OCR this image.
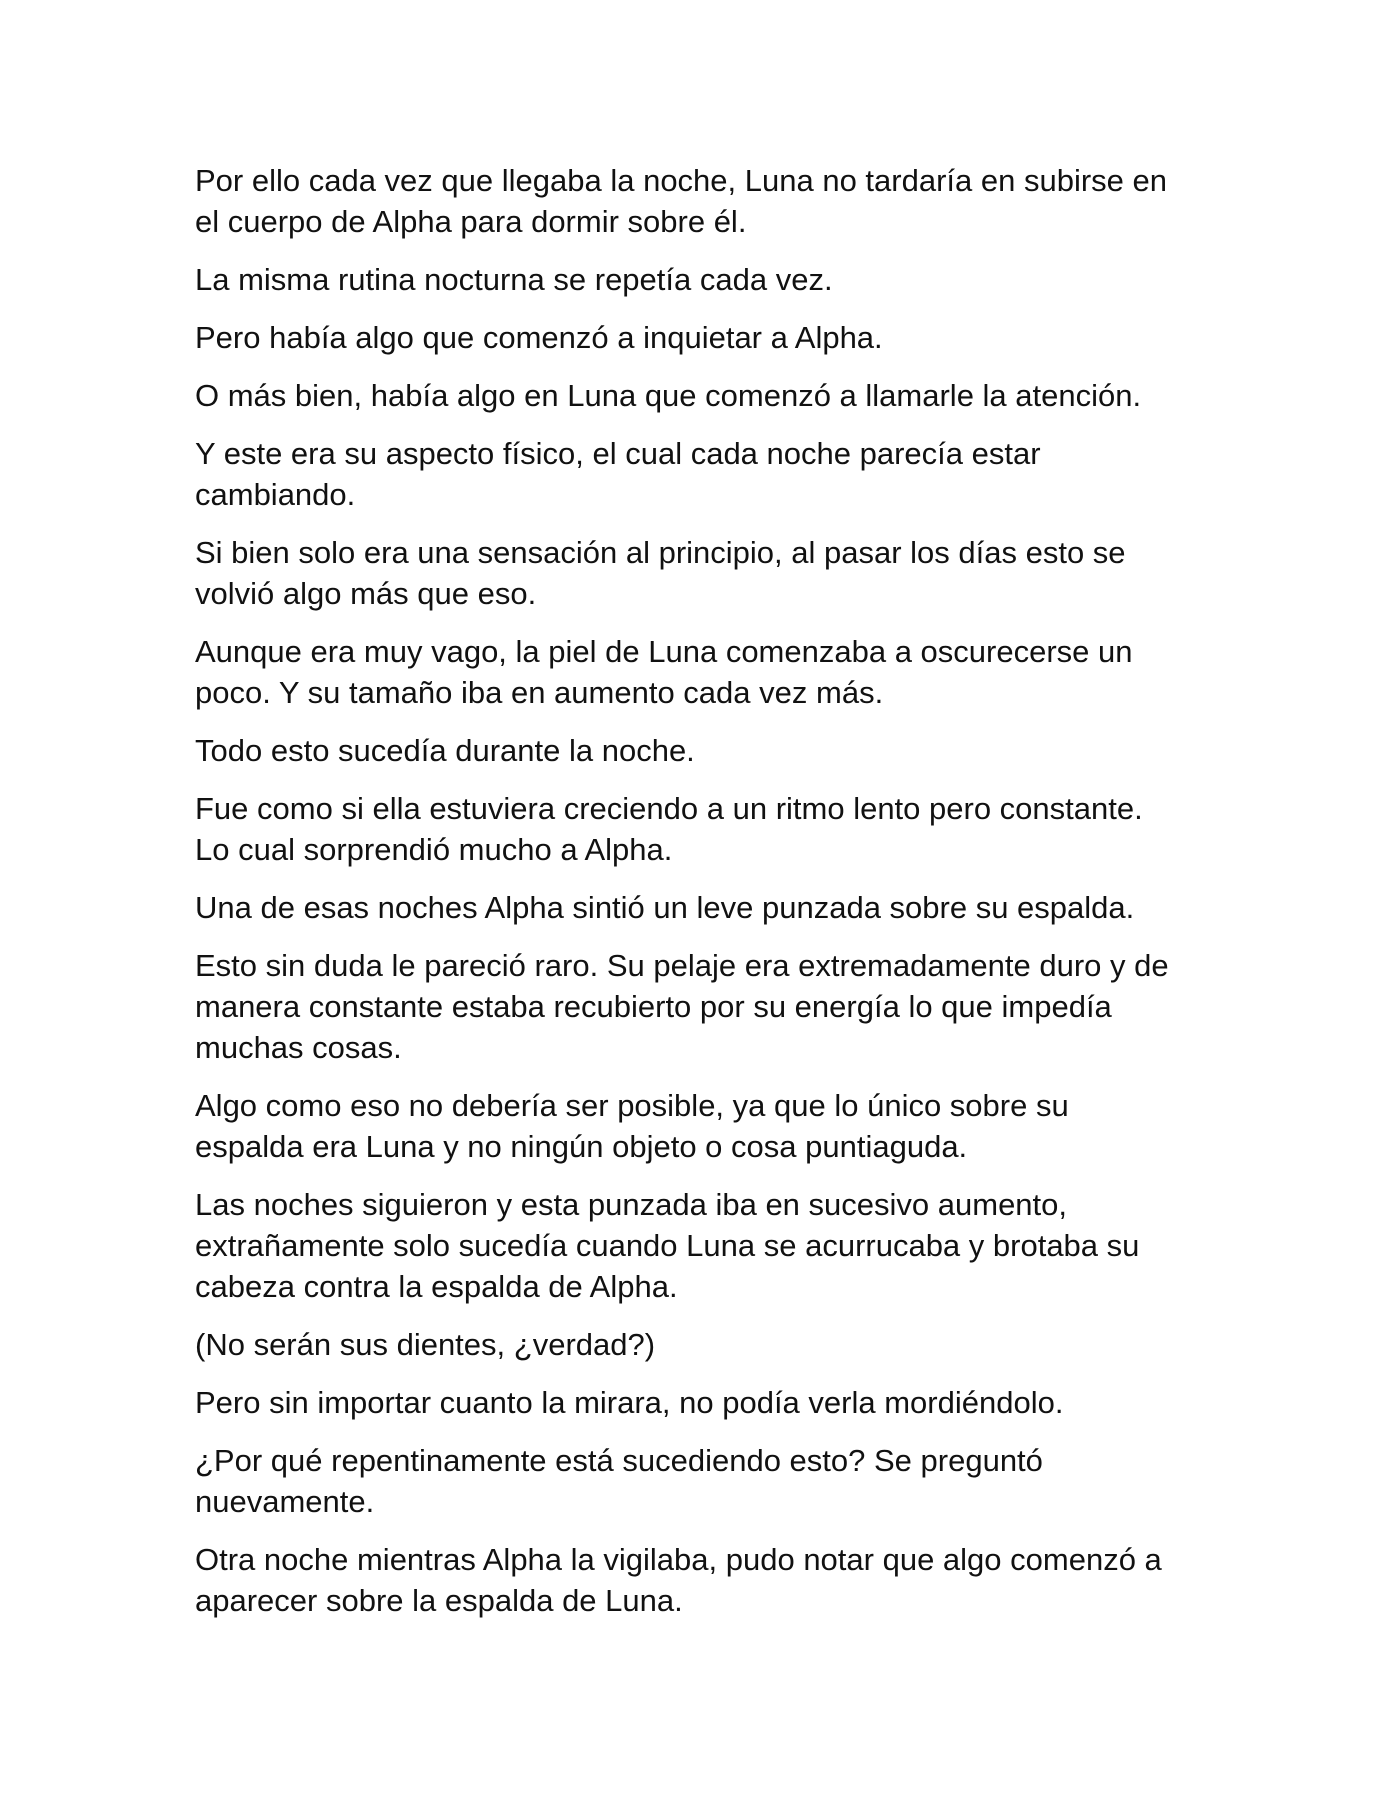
Por ello cada vez que llegaba la noche, Luna no tardaría en subirse en
el cuerpo de Alpha para dormir sobre él.

La misma rutina nocturna se repetía cada vez.

Pero había algo que comenzó a inquietar a Alpha.

O más bien, había algo en Luna que comenzó a llamarle la atención.

Y este era su aspecto físico, el cual cada noche parecía estar
cambiando.

Si bien solo era una sensación al principio, al pasar los días esto se
volvió algo más que eso.

Aunque era muy vago, la piel de Luna comenzaba a oscurecerse un
poco. Y su tamaño iba en aumento cada vez más.

Todo esto sucedía durante la noche.

Fue como si ella estuviera creciendo a un ritmo lento pero constante.
Lo cual sorprendió mucho a Alpha.

Una de esas noches Alpha sintió un leve punzada sobre su espalda.

Esto sin duda le pareció raro. Su pelaje era extremadamente duro y de
manera constante estaba recubierto por su energía lo que impedía
muchas cosas.

Algo como eso no debería ser posible, ya que lo único sobre su
espalda era Luna y no ningún objeto o cosa puntiaguda.

Las noches siguieron y esta punzada iba en sucesivo aumento,
extrañamente solo sucedía cuando Luna se acurrucaba y brotaba su
cabeza contra la espalda de Alpha.

(No serán sus dientes, ¿verdad?)

Pero sin importar cuanto la mirara, no podía verla mordiéndolo.

¿Por qué repentinamente está sucediendo esto? Se preguntó
nuevamente.

Otra noche mientras Alpha la vigilaba, pudo notar que algo comenzó a
aparecer sobre la espalda de Luna.
